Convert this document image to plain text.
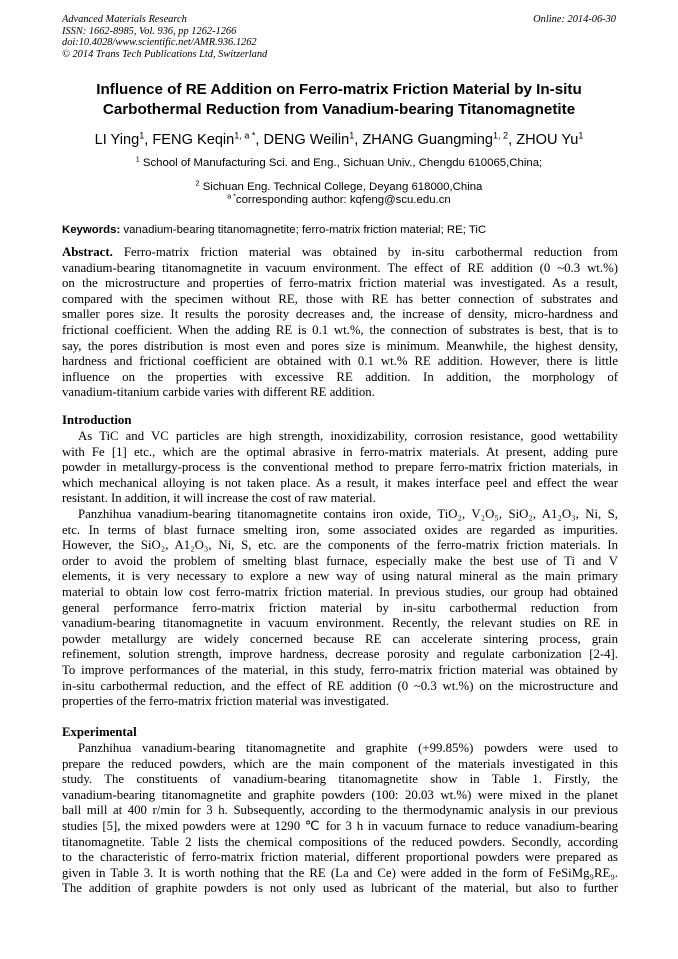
Advanced Materials Research
ISSN: 1662-8985, Vol. 936, pp 1262-1266
doi:10.4028/www.scientific.net/AMR.936.1262
© 2014 Trans Tech Publications Ltd, Switzerland
Online: 2014-06-30
Influence of RE Addition on Ferro-matrix Friction Material by In-situ
Carbothermal Reduction from Vanadium-bearing Titanomagnetite
LI Ying$^1$, FENG Keqin$^{1, a *}$, DENG Weilin$^1$, ZHANG Guangming$^{1, 2}$, ZHOU Yu$^1$
$^1$ School of Manufacturing Sci. and Eng., Sichuan Univ., Chengdu 610065,China;
$^2$ Sichuan Eng. Technical College, Deyang 618000,China
$^{a *}$corresponding author: kqfeng@scu.edu.cn
Keywords: vanadium-bearing titanomagnetite; ferro-matrix friction material; RE; TiC

Abstract. Ferro-matrix friction material was obtained by in-situ carbothermal reduction from

vanadium-bearing titanomagnetite in vacuum environment. The effect of RE addition (0 ~0.3 wt.%)

on the microstructure and properties of ferro-matrix friction material was investigated. As a result,

compared with the specimen without RE, those with RE has better connection of substrates and

smaller pores size. It results the porosity decreases and, the increase of density, micro-hardness and

frictional coefficient. When the adding RE is 0.1 wt.%, the connection of substrates is best, that is to

say, the pores distribution is most even and pores size is minimum. Meanwhile, the highest density,

hardness and frictional coefficient are obtained with 0.1 wt.% RE addition. However, there is little

influence on the properties with excessive RE addition. In addition, the morphology of

vanadium-titanium carbide varies with different RE addition.

Introduction

As TiC and VC particles are high strength, inoxidizability, corrosion resistance, good wettability

with Fe [1] etc., which are the optimal abrasive in ferro-matrix materials. At present, adding pure

powder in metallurgy-process is the conventional method to prepare ferro-matrix friction materials, in

which mechanical alloying is not taken place. As a result, it makes interface peel and effect the wear

resistant. In addition, it will increase the cost of raw material.

Panzhihua vanadium-bearing titanomagnetite contains iron oxide, TiO₂, V₂O₅, SiO₂, A1₂O₃, Ni, S,

etc. In terms of blast furnace smelting iron, some associated oxides are regarded as impurities.

However, the SiO₂, A1₂O₃, Ni, S, etc. are the components of the ferro-matrix friction materials. In

order to avoid the problem of smelting blast furnace, especially make the best use of Ti and V

elements, it is very necessary to explore a new way of using natural mineral as the main primary

material to obtain low cost ferro-matrix friction material. In previous studies, our group had obtained

general performance ferro-matrix friction material by in-situ carbothermal reduction from

vanadium-bearing titanomagnetite in vacuum environment. Recently, the relevant studies on RE in

powder metallurgy are widely concerned because RE can accelerate sintering process, grain

refinement, solution strength, improve hardness, decrease porosity and regulate carbonization [2-4].

To improve performances of the material, in this study, ferro-matrix friction material was obtained by

in-situ carbothermal reduction, and the effect of RE addition (0 ~0.3 wt.%) on the microstructure and

properties of the ferro-matrix friction material was investigated.

Experimental

Panzhihua vanadium-bearing titanomagnetite and graphite (+99.85%) powders were used to

prepare the reduced powders, which are the main component of the materials investigated in this

study. The constituents of vanadium-bearing titanomagnetite show in Table 1. Firstly, the

vanadium-bearing titanomagnetite and graphite powders (100: 20.03 wt.%) were mixed in the planet

ball mill at 400 r/min for 3 h. Subsequently, according to the thermodynamic analysis in our previous

studies [5], the mixed powders were at 1290 ℃ for 3 h in vacuum furnace to reduce vanadium-bearing

titanomagnetite. Table 2 lists the chemical compositions of the reduced powders. Secondly, according

to the characteristic of ferro-matrix friction material, different proportional powders were prepared as

given in Table 3. It is worth nothing that the RE (La and Ce) were added in the form of FeSiMg₉RE₉.

The addition of graphite powders is not only used as lubricant of the material, but also to further
